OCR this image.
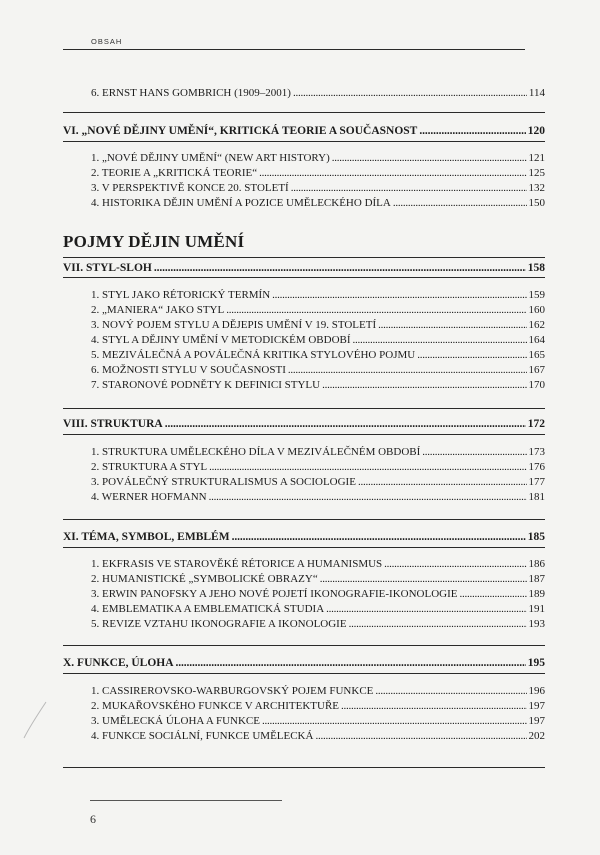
OBSAH
6. ERNST HANS GOMBRICH (1909–2001) . . .	114
VI. „NOVÉ DĚJINY UMĚNÍ“, KRITICKÁ TEORIE A SOUČASNOST . . .	120
1. „NOVÉ DĚJINY UMĚNÍ“ (NEW ART HISTORY) . . .	121
2. TEORIE A „KRITICKÁ TEORIE“ . . .	125
3. V PERSPEKTIVĚ KONCE 20. STOLETÍ . . .	132
4. HISTORIKA DĚJIN UMĚNÍ A POZICE UMĚLECKÉHO DÍLA . . .	150
POJMY DĚJIN UMĚNÍ
VII. STYL-SLOH . . .	158
1. STYL JAKO RÉTORICKÝ TERMÍN . . .	159
2. „MANIERA“ JAKO STYL . . .	160
3. NOVÝ POJEM STYLU A DĚJEPIS UMĚNÍ V 19. STOLETÍ . . .	162
4. STYL A DĚJINY UMĚNÍ V METODICKÉM OBDOBÍ . . .	164
5. MEZIVÁLEČNÁ A POVÁLEČNÁ KRITIKA STYLOVÉHO POJMU . . .	165
6. MOŽNOSTI STYLU V SOUČASNOSTI . . .	167
7. STARONOVÉ PODNĚTY K DEFINICI STYLU . . .	170
VIII. STRUKTURA . . .	172
1. STRUKTURA UMĚLECKÉHO DÍLA V MEZIVÁLEČNÉM OBDOBÍ . . .	173
2. STRUKTURA A STYL . . .	176
3. POVÁLEČNÝ STRUKTURALISMUS A SOCIOLOGIE . . .	177
4. WERNER HOFMANN . . .	181
XI. TÉMA, SYMBOL, EMBLÉM . . .	185
1. EKFRASIS VE STAROVĚKÉ RÉTORICE A HUMANISMUS . . .	186
2. HUMANISTICKÉ „SYMBOLICKÉ OBRAZY“ . . .	187
3. ERWIN PANOFSKY A JEHO NOVÉ POJETÍ IKONOGRAFIE-IKONOLOGIE . . .	189
4. EMBLEMATIKA A EMBLEMATICKÁ STUDIA . . .	191
5. REVIZE VZTAHU IKONOGRAFIE A IKONOLOGIE . . .	193
X. FUNKCE, ÚLOHA . . .	195
1. CASSIREROVSKO-WARBURGOVSKÝ POJEM FUNKCE . . .	196
2. MUKAŘOVSKÉHO FUNKCE V ARCHITEKTUŘE . . .	197
3. UMĚLECKÁ ÚLOHA A FUNKCE . . .	197
4. FUNKCE SOCIÁLNÍ, FUNKCE UMĚLECKÁ . . .	202
6
